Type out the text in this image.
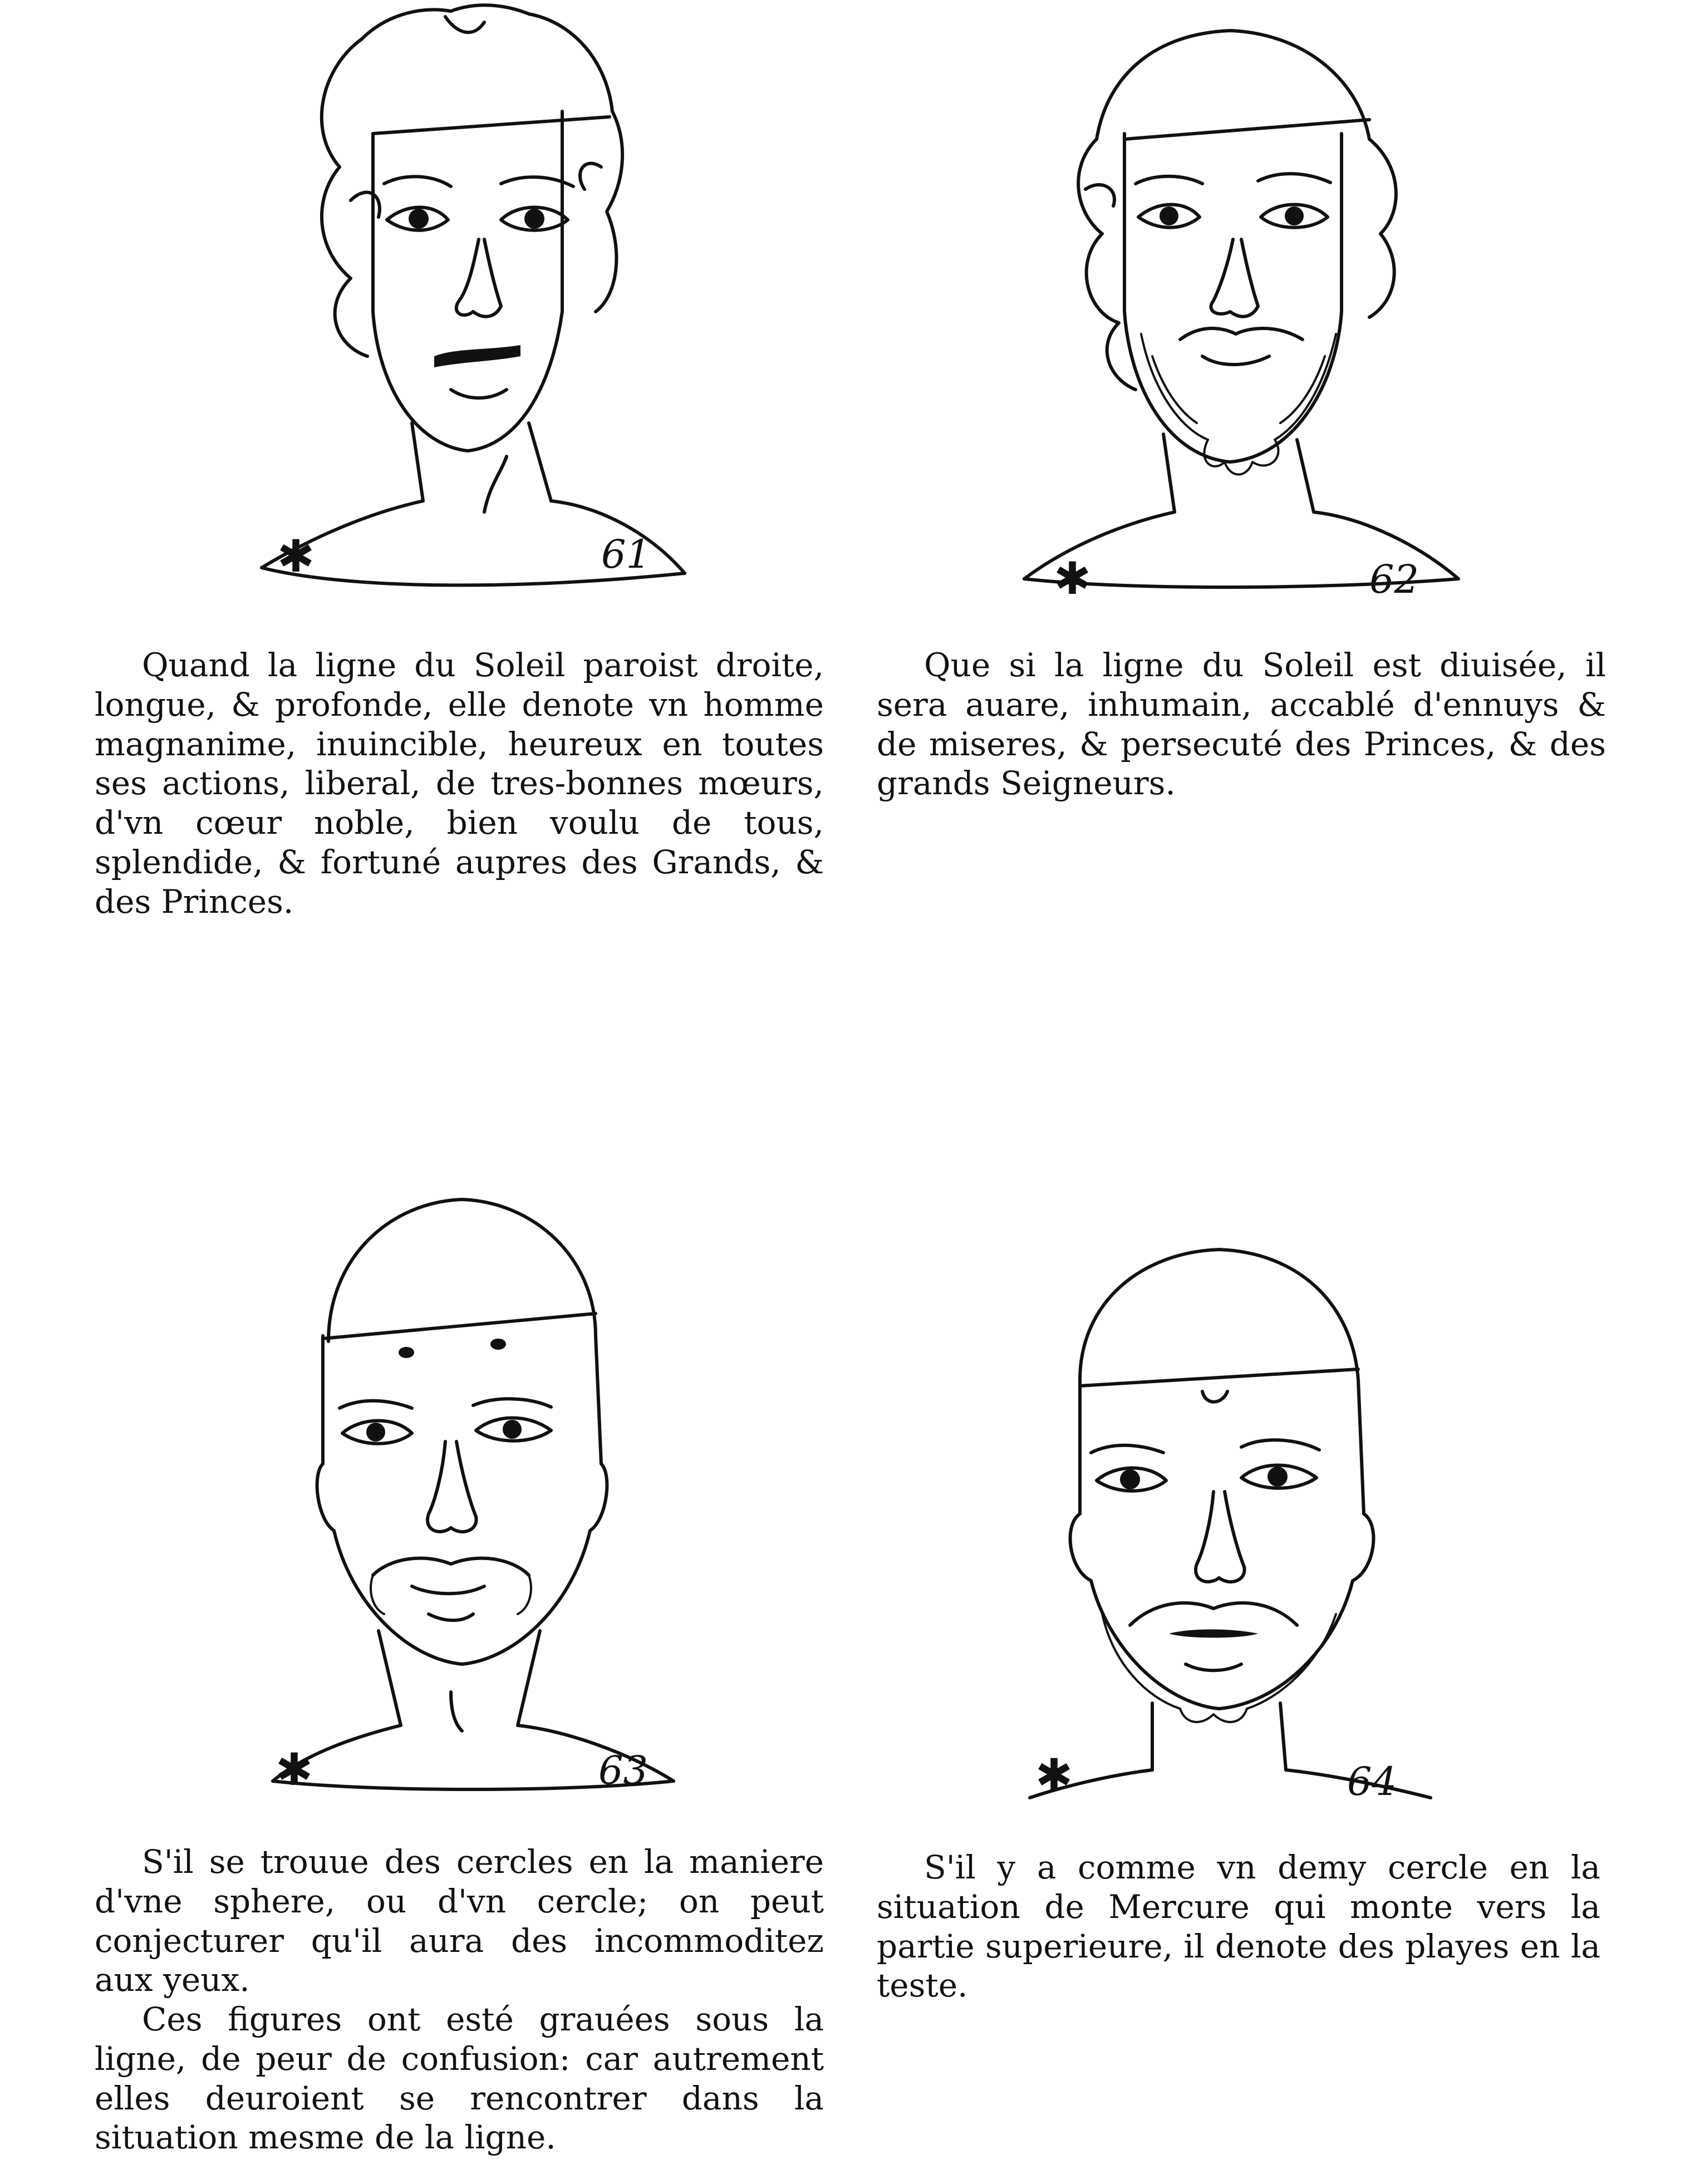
✱	61

Quand la ligne du Soleil paroist droite, longue, & profonde, elle denote vn homme magnanime, inuincible, heureux en toutes ses actions, liberal, de tres-bonnes mœurs, d'vn cœur noble, bien voulu de tous, splendide, & fortuné aupres des Grands, & des Princes.

✱	62

Que si la ligne du Soleil est diuisée, il sera auare, inhumain, accablé d'ennuys & de miseres, & persecuté des Princes, & des grands Seigneurs.

✱	63

S'il se trouue des cercles en la maniere d'vne sphere, ou d'vn cercle; on peut conjecturer qu'il aura des incommoditez aux yeux.

Ces figures ont esté grauées sous la ligne, de peur de confusion: car autrement elles deuroient se rencontrer dans la situation mesme de la ligne.

✱	64

S'il y a comme vn demy cercle en la situation de Mercure qui monte vers la partie superieure, il denote des playes en la teste.
